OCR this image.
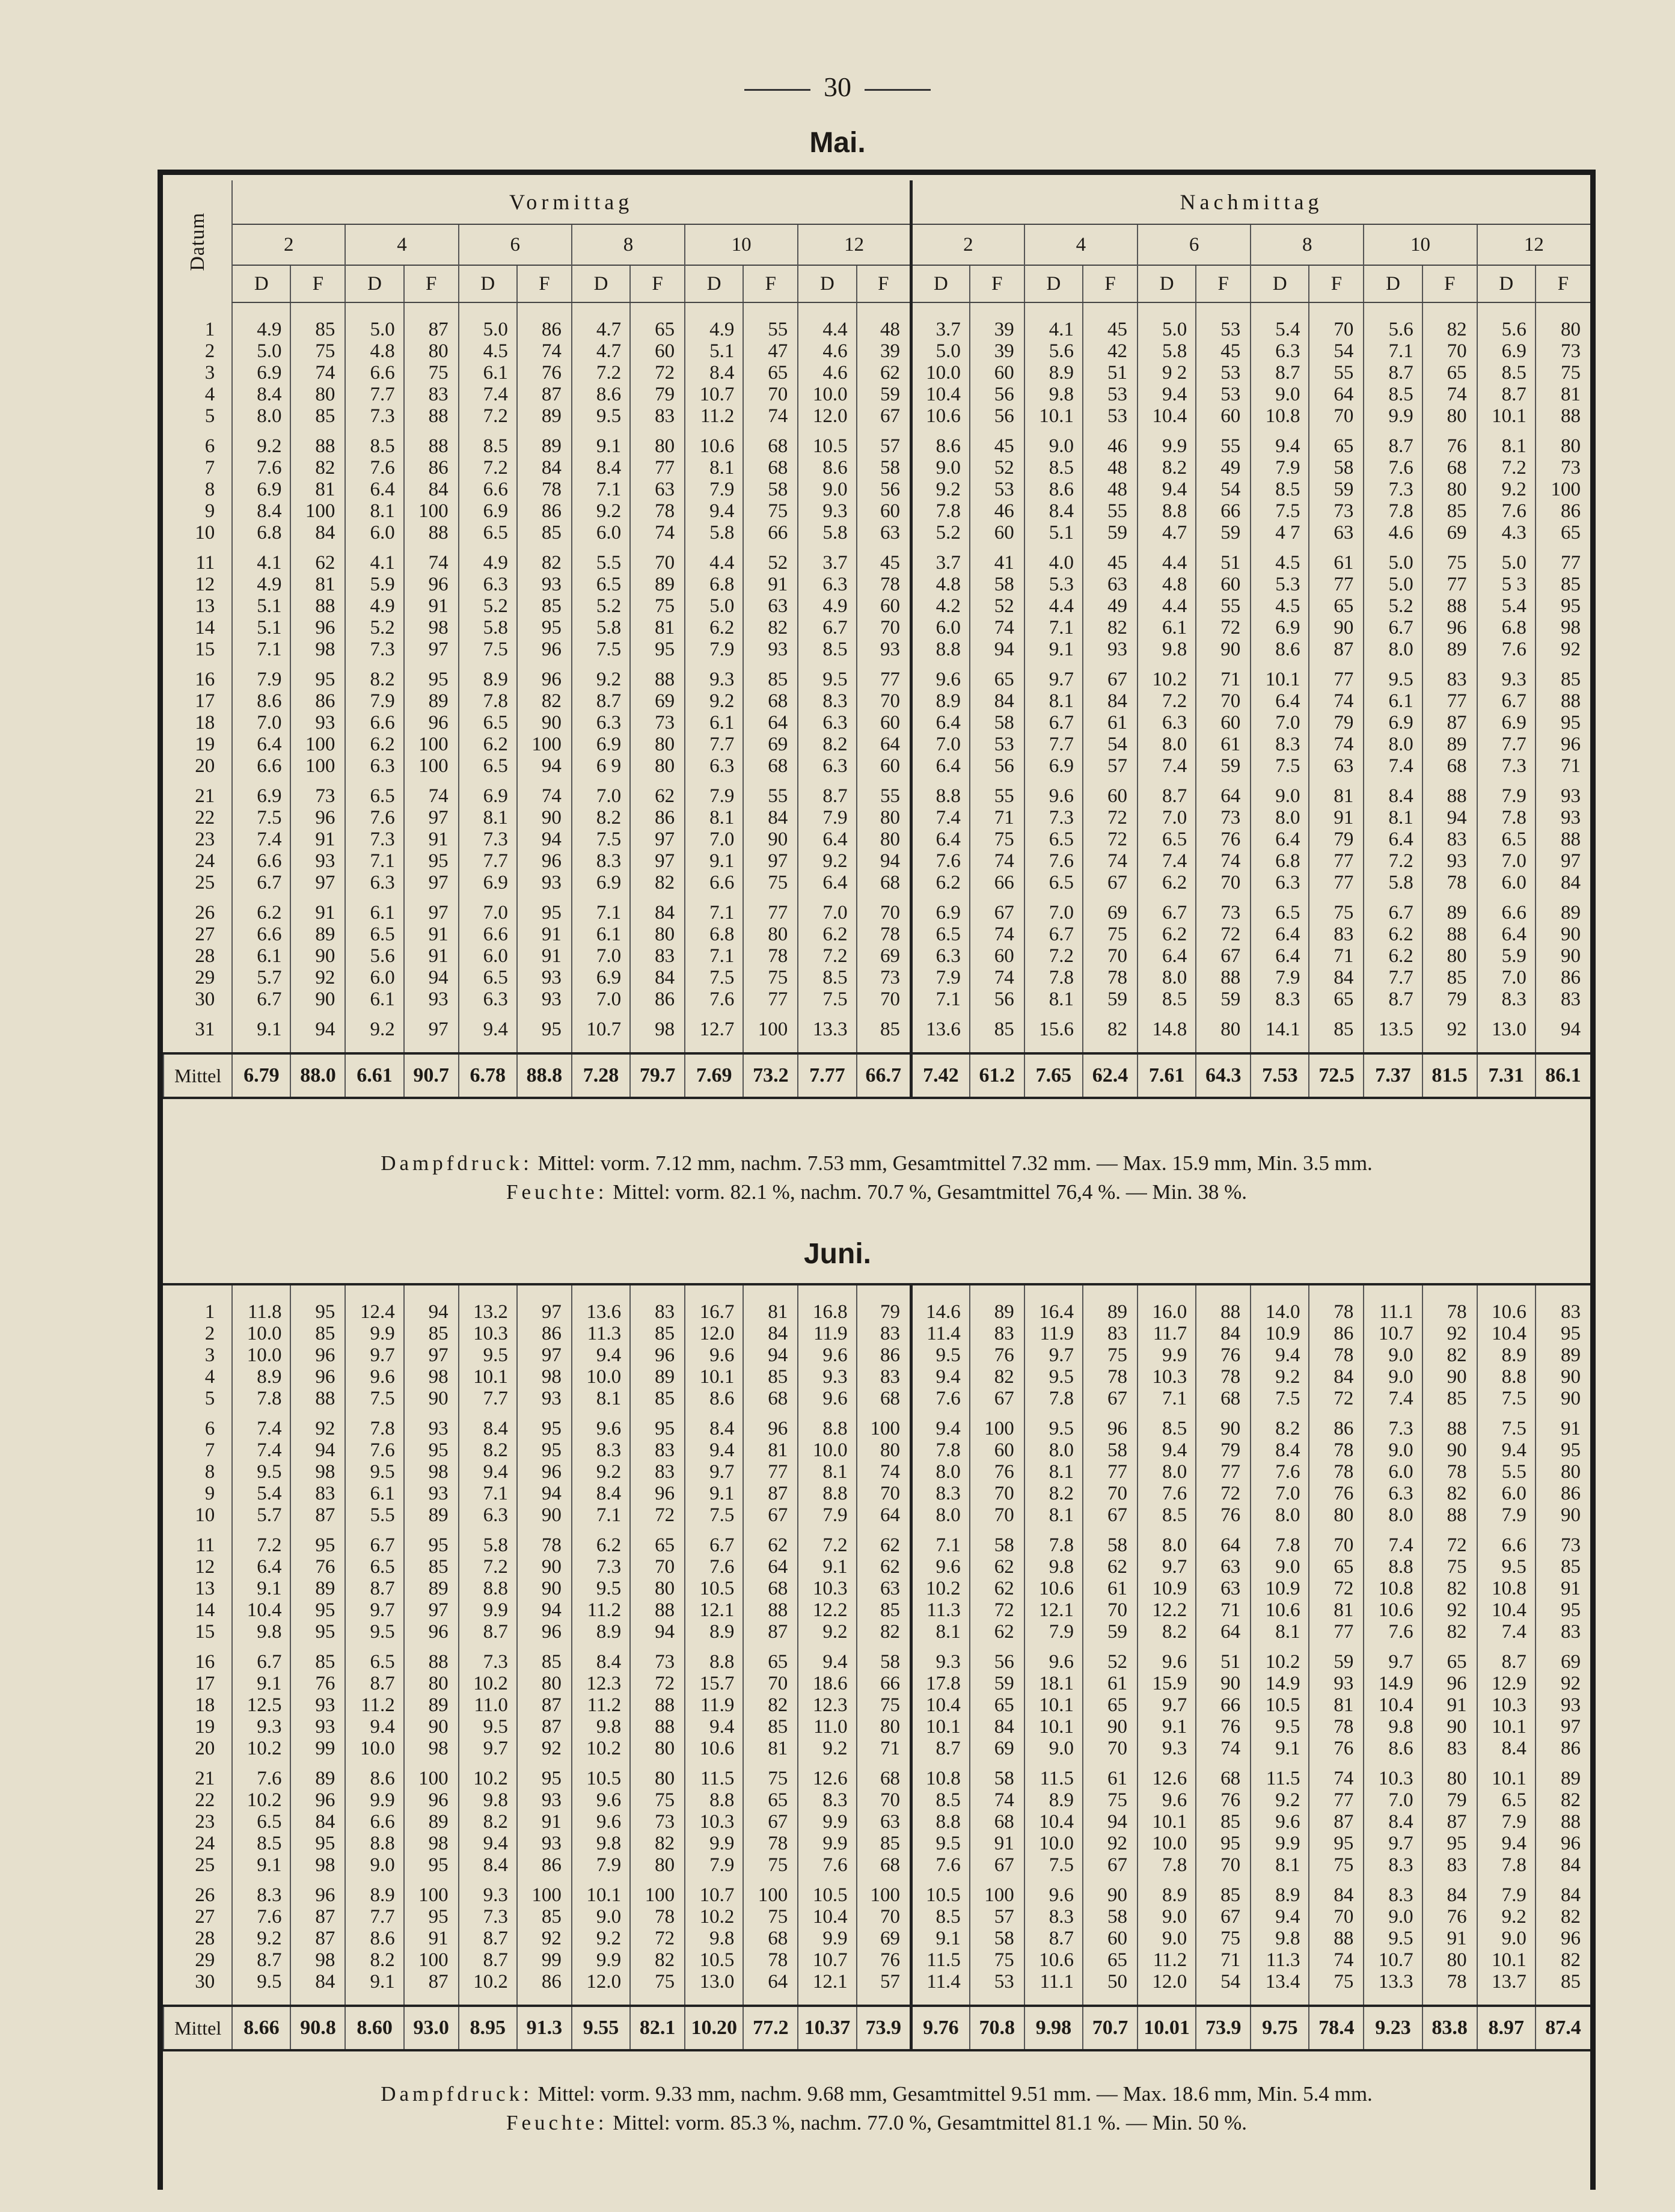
30
Mai.
Datum	Vormittag												Nachmittag											
	2		4		6		8		10		12		2		4		6		8		10		12	
	D	F	D	F	D	F	D	F	D	F	D	F	D	F	D	F	D	F	D	F	D	F	D	F

1	4.9	85	5.0	87	5.0	86	4.7	65	4.9	55	4.4	48	3.7	39	4.1	45	5.0	53	5.4	70	5.6	82	5.6	80
2	5.0	75	4.8	80	4.5	74	4.7	60	5.1	47	4.6	39	5.0	39	5.6	42	5.8	45	6.3	54	7.1	70	6.9	73
3	6.9	74	6.6	75	6.1	76	7.2	72	8.4	65	4.6	62	10.0	60	8.9	51	9 2	53	8.7	55	8.7	65	8.5	75
4	8.4	80	7.7	83	7.4	87	8.6	79	10.7	70	10.0	59	10.4	56	9.8	53	9.4	53	9.0	64	8.5	74	8.7	81
5	8.0	85	7.3	88	7.2	89	9.5	83	11.2	74	12.0	67	10.6	56	10.1	53	10.4	60	10.8	70	9.9	80	10.1	88

6	9.2	88	8.5	88	8.5	89	9.1	80	10.6	68	10.5	57	8.6	45	9.0	46	9.9	55	9.4	65	8.7	76	8.1	80
7	7.6	82	7.6	86	7.2	84	8.4	77	8.1	68	8.6	58	9.0	52	8.5	48	8.2	49	7.9	58	7.6	68	7.2	73
8	6.9	81	6.4	84	6.6	78	7.1	63	7.9	58	9.0	56	9.2	53	8.6	48	9.4	54	8.5	59	7.3	80	9.2	100
9	8.4	100	8.1	100	6.9	86	9.2	78	9.4	75	9.3	60	7.8	46	8.4	55	8.8	66	7.5	73	7.8	85	7.6	86
10	6.8	84	6.0	88	6.5	85	6.0	74	5.8	66	5.8	63	5.2	60	5.1	59	4.7	59	4 7	63	4.6	69	4.3	65

11	4.1	62	4.1	74	4.9	82	5.5	70	4.4	52	3.7	45	3.7	41	4.0	45	4.4	51	4.5	61	5.0	75	5.0	77
12	4.9	81	5.9	96	6.3	93	6.5	89	6.8	91	6.3	78	4.8	58	5.3	63	4.8	60	5.3	77	5.0	77	5 3	85
13	5.1	88	4.9	91	5.2	85	5.2	75	5.0	63	4.9	60	4.2	52	4.4	49	4.4	55	4.5	65	5.2	88	5.4	95
14	5.1	96	5.2	98	5.8	95	5.8	81	6.2	82	6.7	70	6.0	74	7.1	82	6.1	72	6.9	90	6.7	96	6.8	98
15	7.1	98	7.3	97	7.5	96	7.5	95	7.9	93	8.5	93	8.8	94	9.1	93	9.8	90	8.6	87	8.0	89	7.6	92

16	7.9	95	8.2	95	8.9	96	9.2	88	9.3	85	9.5	77	9.6	65	9.7	67	10.2	71	10.1	77	9.5	83	9.3	85
17	8.6	86	7.9	89	7.8	82	8.7	69	9.2	68	8.3	70	8.9	84	8.1	84	7.2	70	6.4	74	6.1	77	6.7	88
18	7.0	93	6.6	96	6.5	90	6.3	73	6.1	64	6.3	60	6.4	58	6.7	61	6.3	60	7.0	79	6.9	87	6.9	95
19	6.4	100	6.2	100	6.2	100	6.9	80	7.7	69	8.2	64	7.0	53	7.7	54	8.0	61	8.3	74	8.0	89	7.7	96
20	6.6	100	6.3	100	6.5	94	6 9	80	6.3	68	6.3	60	6.4	56	6.9	57	7.4	59	7.5	63	7.4	68	7.3	71

21	6.9	73	6.5	74	6.9	74	7.0	62	7.9	55	8.7	55	8.8	55	9.6	60	8.7	64	9.0	81	8.4	88	7.9	93
22	7.5	96	7.6	97	8.1	90	8.2	86	8.1	84	7.9	80	7.4	71	7.3	72	7.0	73	8.0	91	8.1	94	7.8	93
23	7.4	91	7.3	91	7.3	94	7.5	97	7.0	90	6.4	80	6.4	75	6.5	72	6.5	76	6.4	79	6.4	83	6.5	88
24	6.6	93	7.1	95	7.7	96	8.3	97	9.1	97	9.2	94	7.6	74	7.6	74	7.4	74	6.8	77	7.2	93	7.0	97
25	6.7	97	6.3	97	6.9	93	6.9	82	6.6	75	6.4	68	6.2	66	6.5	67	6.2	70	6.3	77	5.8	78	6.0	84

26	6.2	91	6.1	97	7.0	95	7.1	84	7.1	77	7.0	70	6.9	67	7.0	69	6.7	73	6.5	75	6.7	89	6.6	89
27	6.6	89	6.5	91	6.6	91	6.1	80	6.8	80	6.2	78	6.5	74	6.7	75	6.2	72	6.4	83	6.2	88	6.4	90
28	6.1	90	5.6	91	6.0	91	7.0	83	7.1	78	7.2	69	6.3	60	7.2	70	6.4	67	6.4	71	6.2	80	5.9	90
29	5.7	92	6.0	94	6.5	93	6.9	84	7.5	75	8.5	73	7.9	74	7.8	78	8.0	88	7.9	84	7.7	85	7.0	86
30	6.7	90	6.1	93	6.3	93	7.0	86	7.6	77	7.5	70	7.1	56	8.1	59	8.5	59	8.3	65	8.7	79	8.3	83

31	9.1	94	9.2	97	9.4	95	10.7	98	12.7	100	13.3	85	13.6	85	15.6	82	14.8	80	14.1	85	13.5	92	13.0	94

Mittel	6.79	88.0	6.61	90.7	6.78	88.8	7.28	79.7	7.69	73.2	7.77	66.7	7.42	61.2	7.65	62.4	7.61	64.3	7.53	72.5	7.37	81.5	7.31	86.1
Dampfdruck: Mittel: vorm. 7.12 mm, nachm. 7.53 mm, Gesamtmittel 7.32 mm. — Max. 15.9 mm, Min. 3.5 mm.
Feuchte: Mittel: vorm. 82.1 %, nachm. 70.7 %, Gesamtmittel 76,4 %. — Min. 38 %.
Juni.

1	11.8	95	12.4	94	13.2	97	13.6	83	16.7	81	16.8	79	14.6	89	16.4	89	16.0	88	14.0	78	11.1	78	10.6	83
2	10.0	85	9.9	85	10.3	86	11.3	85	12.0	84	11.9	83	11.4	83	11.9	83	11.7	84	10.9	86	10.7	92	10.4	95
3	10.0	96	9.7	97	9.5	97	9.4	96	9.6	94	9.6	86	9.5	76	9.7	75	9.9	76	9.4	78	9.0	82	8.9	89
4	8.9	96	9.6	98	10.1	98	10.0	89	10.1	85	9.3	83	9.4	82	9.5	78	10.3	78	9.2	84	9.0	90	8.8	90
5	7.8	88	7.5	90	7.7	93	8.1	85	8.6	68	9.6	68	7.6	67	7.8	67	7.1	68	7.5	72	7.4	85	7.5	90

6	7.4	92	7.8	93	8.4	95	9.6	95	8.4	96	8.8	100	9.4	100	9.5	96	8.5	90	8.2	86	7.3	88	7.5	91
7	7.4	94	7.6	95	8.2	95	8.3	83	9.4	81	10.0	80	7.8	60	8.0	58	9.4	79	8.4	78	9.0	90	9.4	95
8	9.5	98	9.5	98	9.4	96	9.2	83	9.7	77	8.1	74	8.0	76	8.1	77	8.0	77	7.6	78	6.0	78	5.5	80
9	5.4	83	6.1	93	7.1	94	8.4	96	9.1	87	8.8	70	8.3	70	8.2	70	7.6	72	7.0	76	6.3	82	6.0	86
10	5.7	87	5.5	89	6.3	90	7.1	72	7.5	67	7.9	64	8.0	70	8.1	67	8.5	76	8.0	80	8.0	88	7.9	90

11	7.2	95	6.7	95	5.8	78	6.2	65	6.7	62	7.2	62	7.1	58	7.8	58	8.0	64	7.8	70	7.4	72	6.6	73
12	6.4	76	6.5	85	7.2	90	7.3	70	7.6	64	9.1	62	9.6	62	9.8	62	9.7	63	9.0	65	8.8	75	9.5	85
13	9.1	89	8.7	89	8.8	90	9.5	80	10.5	68	10.3	63	10.2	62	10.6	61	10.9	63	10.9	72	10.8	82	10.8	91
14	10.4	95	9.7	97	9.9	94	11.2	88	12.1	88	12.2	85	11.3	72	12.1	70	12.2	71	10.6	81	10.6	92	10.4	95
15	9.8	95	9.5	96	8.7	96	8.9	94	8.9	87	9.2	82	8.1	62	7.9	59	8.2	64	8.1	77	7.6	82	7.4	83

16	6.7	85	6.5	88	7.3	85	8.4	73	8.8	65	9.4	58	9.3	56	9.6	52	9.6	51	10.2	59	9.7	65	8.7	69
17	9.1	76	8.7	80	10.2	80	12.3	72	15.7	70	18.6	66	17.8	59	18.1	61	15.9	90	14.9	93	14.9	96	12.9	92
18	12.5	93	11.2	89	11.0	87	11.2	88	11.9	82	12.3	75	10.4	65	10.1	65	9.7	66	10.5	81	10.4	91	10.3	93
19	9.3	93	9.4	90	9.5	87	9.8	88	9.4	85	11.0	80	10.1	84	10.1	90	9.1	76	9.5	78	9.8	90	10.1	97
20	10.2	99	10.0	98	9.7	92	10.2	80	10.6	81	9.2	71	8.7	69	9.0	70	9.3	74	9.1	76	8.6	83	8.4	86

21	7.6	89	8.6	100	10.2	95	10.5	80	11.5	75	12.6	68	10.8	58	11.5	61	12.6	68	11.5	74	10.3	80	10.1	89
22	10.2	96	9.9	96	9.8	93	9.6	75	8.8	65	8.3	70	8.5	74	8.9	75	9.6	76	9.2	77	7.0	79	6.5	82
23	6.5	84	6.6	89	8.2	91	9.6	73	10.3	67	9.9	63	8.8	68	10.4	94	10.1	85	9.6	87	8.4	87	7.9	88
24	8.5	95	8.8	98	9.4	93	9.8	82	9.9	78	9.9	85	9.5	91	10.0	92	10.0	95	9.9	95	9.7	95	9.4	96
25	9.1	98	9.0	95	8.4	86	7.9	80	7.9	75	7.6	68	7.6	67	7.5	67	7.8	70	8.1	75	8.3	83	7.8	84

26	8.3	96	8.9	100	9.3	100	10.1	100	10.7	100	10.5	100	10.5	100	9.6	90	8.9	85	8.9	84	8.3	84	7.9	84
27	7.6	87	7.7	95	7.3	85	9.0	78	10.2	75	10.4	70	8.5	57	8.3	58	9.0	67	9.4	70	9.0	76	9.2	82
28	9.2	87	8.6	91	8.7	92	9.2	72	9.8	68	9.9	69	9.1	58	8.7	60	9.0	75	9.8	88	9.5	91	9.0	96
29	8.7	98	8.2	100	8.7	99	9.9	82	10.5	78	10.7	76	11.5	75	10.6	65	11.2	71	11.3	74	10.7	80	10.1	82
30	9.5	84	9.1	87	10.2	86	12.0	75	13.0	64	12.1	57	11.4	53	11.1	50	12.0	54	13.4	75	13.3	78	13.7	85

Mittel	8.66	90.8	8.60	93.0	8.95	91.3	9.55	82.1	10.20	77.2	10.37	73.9	9.76	70.8	9.98	70.7	10.01	73.9	9.75	78.4	9.23	83.8	8.97	87.4
Dampfdruck: Mittel: vorm. 9.33 mm, nachm. 9.68 mm, Gesamtmittel 9.51 mm. — Max. 18.6 mm, Min. 5.4 mm.
Feuchte: Mittel: vorm. 85.3 %, nachm. 77.0 %, Gesamtmittel 81.1 %. — Min. 50 %.
